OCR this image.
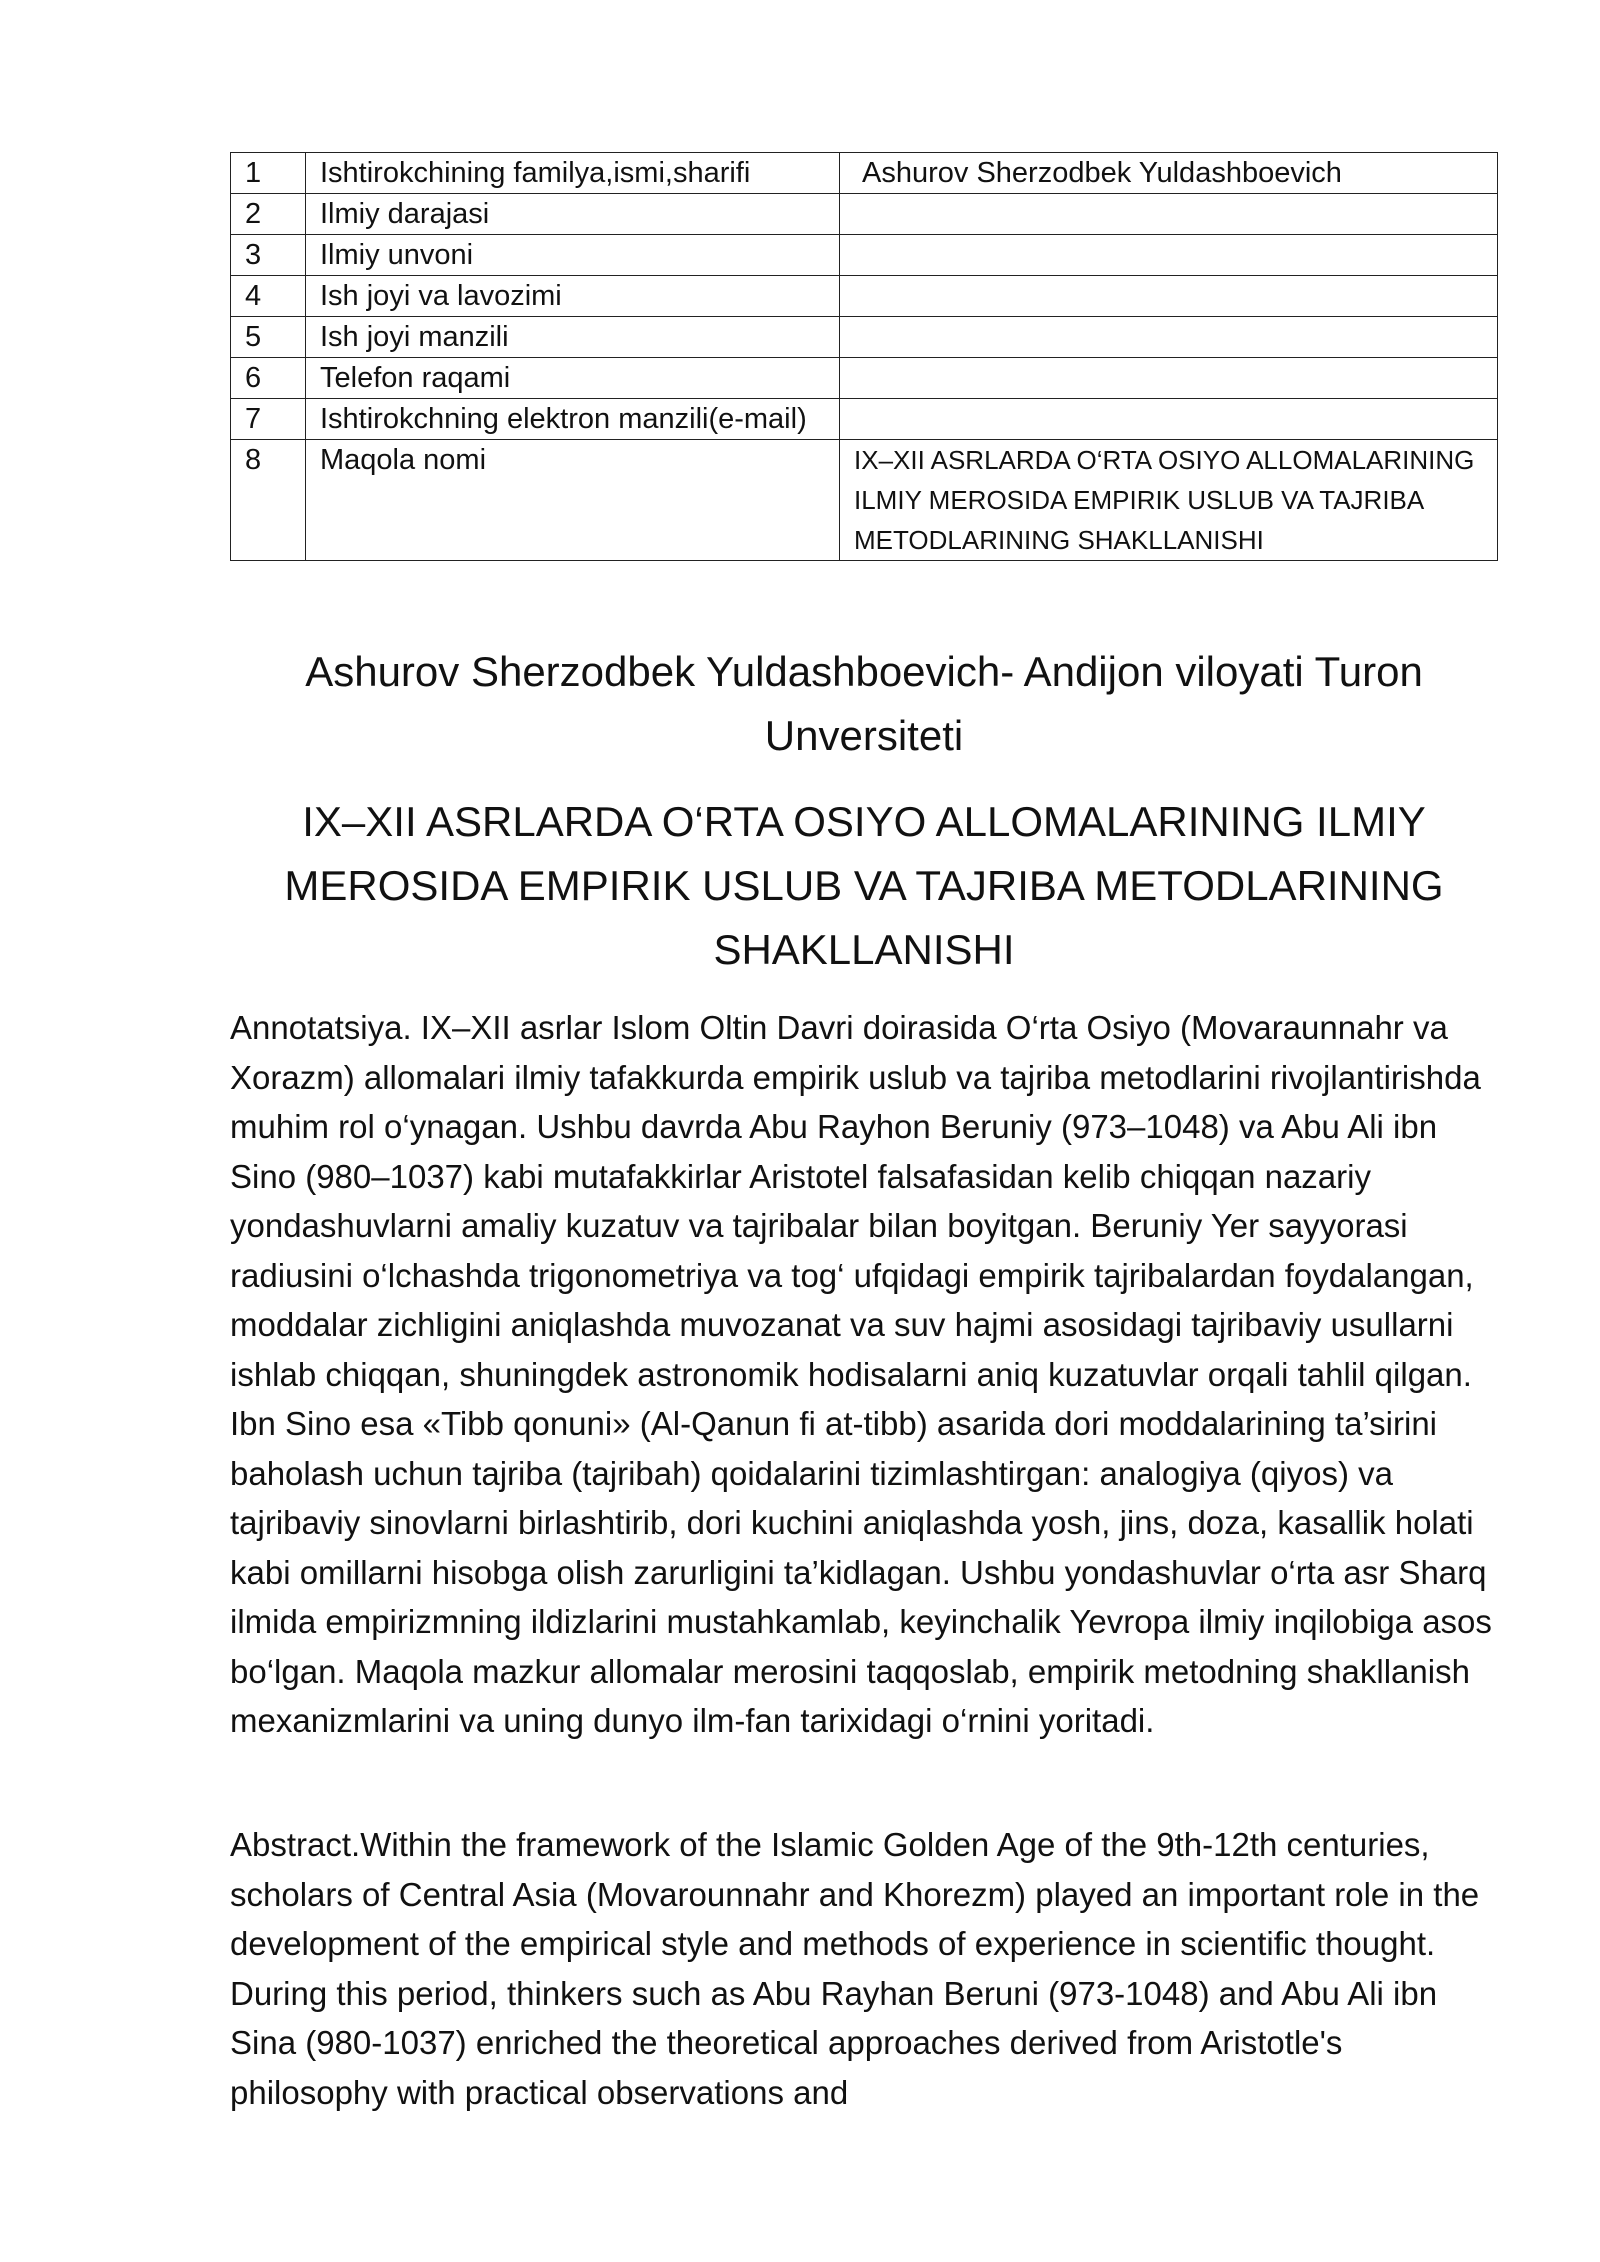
1	Ishtirokchining familya,ismi,sharifi	Ashurov Sherzodbek Yuldashboevich
2	Ilmiy darajasi	
3	Ilmiy unvoni	
4	Ish joyi va lavozimi	
5	Ish joyi manzili	
6	Telefon raqami	
7	Ishtirokchning elektron manzili(e-mail)	
8	Maqola nomi	IX–XII ASRLARDA O‘RTA OSIYO ALLOMALARINING ILMIY MEROSIDA EMPIRIK USLUB VA TAJRIBA METODLARINING SHAKLLANISHI
Ashurov Sherzodbek Yuldashboevich- Andijon viloyati Turon Unversiteti
IX–XII ASRLARDA O‘RTA OSIYO ALLOMALARINING ILMIY MEROSIDA EMPIRIK USLUB VA TAJRIBA METODLARINING SHAKLLANISHI

Annotatsiya. IX–XII asrlar Islom Oltin Davri doirasida O‘rta Osiyo (Movaraunnahr va Xorazm) allomalari ilmiy tafakkurda empirik uslub va tajriba metodlarini rivojlantirishda muhim rol o‘ynagan. Ushbu davrda Abu Rayhon Beruniy (973–1048) va Abu Ali ibn Sino (980–1037) kabi mutafakkirlar Aristotel falsafasidan kelib chiqqan nazariy yondashuvlarni amaliy kuzatuv va tajribalar bilan boyitgan. Beruniy Yer sayyorasi radiusini o‘lchashda trigonometriya va tog‘ ufqidagi empirik tajribalardan foydalangan, moddalar zichligini aniqlashda muvozanat va suv hajmi asosidagi tajribaviy usullarni ishlab chiqqan, shuningdek astronomik hodisalarni aniq kuzatuvlar orqali tahlil qilgan. Ibn Sino esa «Tibb qonuni» (Al-Qanun fi at-tibb) asarida dori moddalarining ta’sirini baholash uchun tajriba (tajribah) qoidalarini tizimlashtirgan: analogiya (qiyos) va tajribaviy sinovlarni birlashtirib, dori kuchini aniqlashda yosh, jins, doza, kasallik holati kabi omillarni hisobga olish zarurligini ta’kidlagan. Ushbu yondashuvlar o‘rta asr Sharq ilmida empirizmning ildizlarini mustahkamlab, keyinchalik Yevropa ilmiy inqilobiga asos bo‘lgan. Maqola mazkur allomalar merosini taqqoslab, empirik metodning shakllanish mexanizmlarini va uning dunyo ilm-fan tarixidagi o‘rnini yoritadi.

Abstract.Within the framework of the Islamic Golden Age of the 9th-12th centuries, scholars of Central Asia (Movarounnahr and Khorezm) played an important role in the development of the empirical style and methods of experience in scientific thought. During this period, thinkers such as Abu Rayhan Beruni (973-1048) and Abu Ali ibn Sina (980-1037) enriched the theoretical approaches derived from Aristotle's philosophy with practical observations and
